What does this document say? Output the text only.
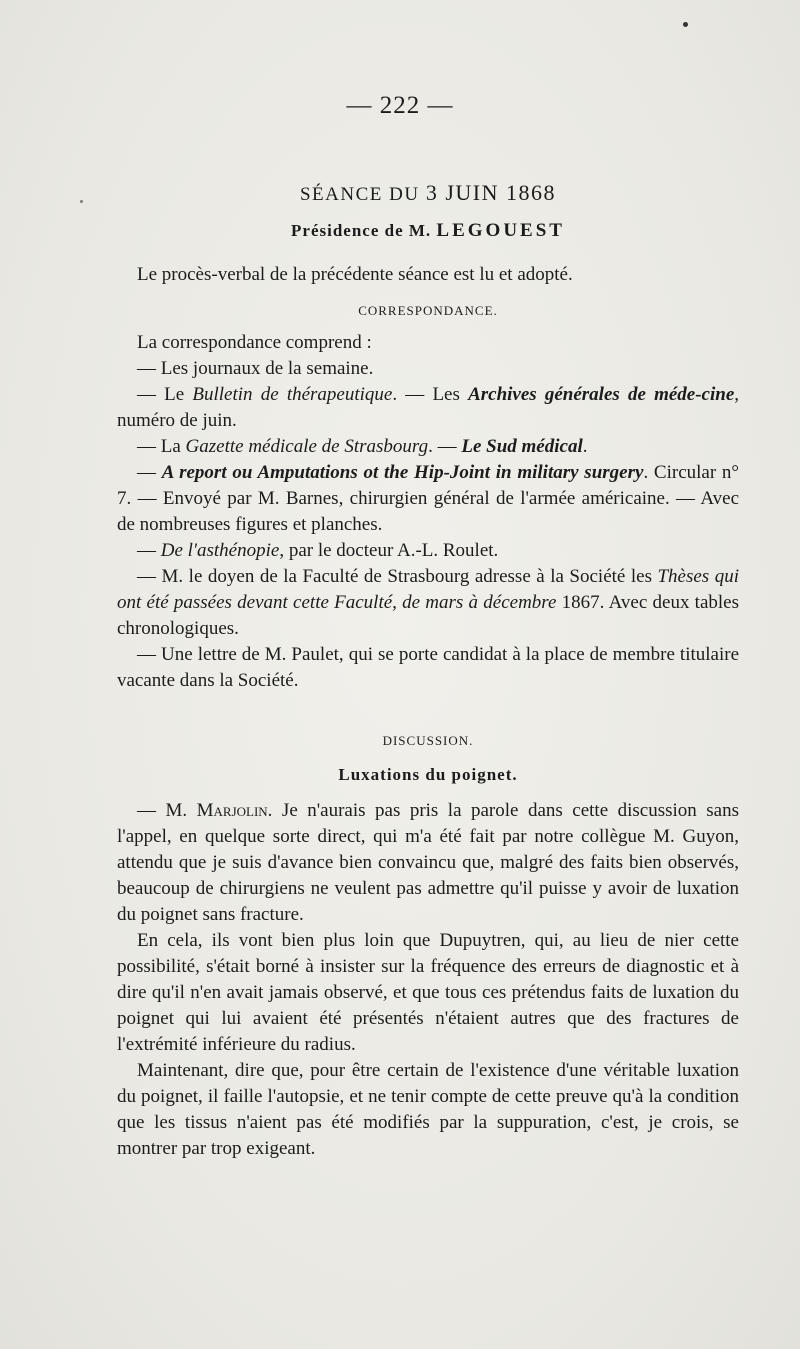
— 222 —

SÉANCE DU 3 JUIN 1868

Présidence de M. LEGOUEST

Le procès-verbal de la précédente séance est lu et adopté.

CORRESPONDANCE.

La correspondance comprend :

— Les journaux de la semaine.

— Le Bulletin de thérapeutique. — Les Archives générales de méde-cine, numéro de juin.

— La Gazette médicale de Strasbourg. — Le Sud médical.

— A report ou Amputations ot the Hip-Joint in military surgery. Circular n° 7. — Envoyé par M. Barnes, chirurgien général de l'armée américaine. — Avec de nombreuses figures et planches.

— De l'asthénopie, par le docteur A.-L. Roulet.

— M. le doyen de la Faculté de Strasbourg adresse à la Société les Thèses qui ont été passées devant cette Faculté, de mars à décembre 1867. Avec deux tables chronologiques.

— Une lettre de M. Paulet, qui se porte candidat à la place de membre titulaire vacante dans la Société.

DISCUSSION.

Luxations du poignet.

— M. Marjolin. Je n'aurais pas pris la parole dans cette discussion sans l'appel, en quelque sorte direct, qui m'a été fait par notre collègue M. Guyon, attendu que je suis d'avance bien convaincu que, malgré des faits bien observés, beaucoup de chirurgiens ne veulent pas admettre qu'il puisse y avoir de luxation du poignet sans fracture.

En cela, ils vont bien plus loin que Dupuytren, qui, au lieu de nier cette possibilité, s'était borné à insister sur la fréquence des erreurs de diagnostic et à dire qu'il n'en avait jamais observé, et que tous ces prétendus faits de luxation du poignet qui lui avaient été présentés n'étaient autres que des fractures de l'extrémité inférieure du radius.

Maintenant, dire que, pour être certain de l'existence d'une véritable luxation du poignet, il faille l'autopsie, et ne tenir compte de cette preuve qu'à la condition que les tissus n'aient pas été modifiés par la suppuration, c'est, je crois, se montrer par trop exigeant.
